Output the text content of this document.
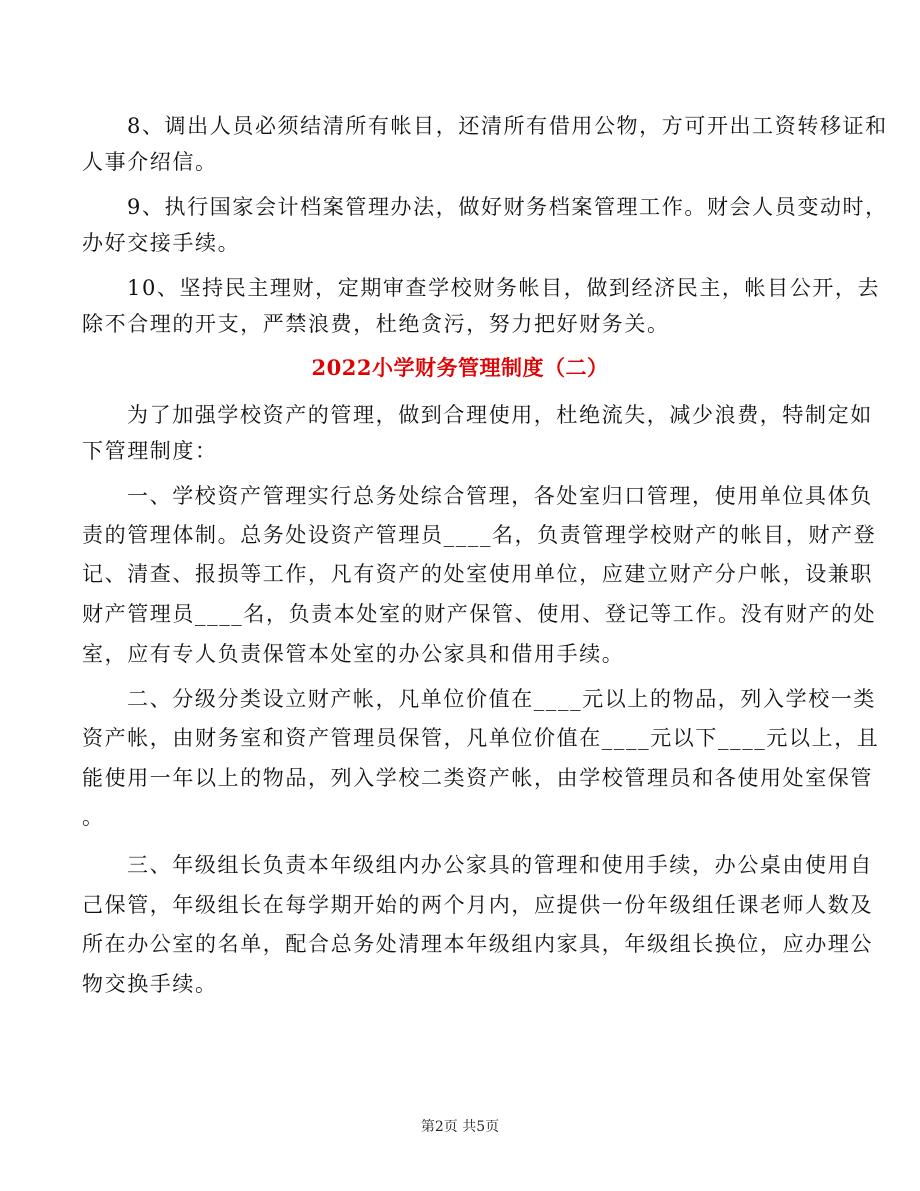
8、调出人员必须结清所有帐目，还清所有借用公物，方可开出工资转移证和
人事介绍信。
9、执行国家会计档案管理办法，做好财务档案管理工作。财会人员变动时，
办好交接手续。
10、坚持民主理财，定期审查学校财务帐目，做到经济民主，帐目公开，去
除不合理的开支，严禁浪费，杜绝贪污，努力把好财务关。
2022小学财务管理制度（二）
为了加强学校资产的管理，做到合理使用，杜绝流失，减少浪费，特制定如
下管理制度：
一、学校资产管理实行总务处综合管理，各处室归口管理，使用单位具体负
责的管理体制。总务处设资产管理员____名，负责管理学校财产的帐目，财产登
记、清查、报损等工作，凡有资产的处室使用单位，应建立财产分户帐，设兼职
财产管理员____名，负责本处室的财产保管、使用、登记等工作。没有财产的处
室，应有专人负责保管本处室的办公家具和借用手续。
二、分级分类设立财产帐，凡单位价值在____元以上的物品，列入学校一类
资产帐，由财务室和资产管理员保管，凡单位价值在____元以下____元以上，且
能使用一年以上的物品，列入学校二类资产帐，由学校管理员和各使用处室保管
。
三、年级组长负责本年级组内办公家具的管理和使用手续，办公桌由使用自
己保管，年级组长在每学期开始的两个月内，应提供一份年级组任课老师人数及
所在办公室的名单，配合总务处清理本年级组内家具，年级组长换位，应办理公
物交换手续。
第2页 共5页
